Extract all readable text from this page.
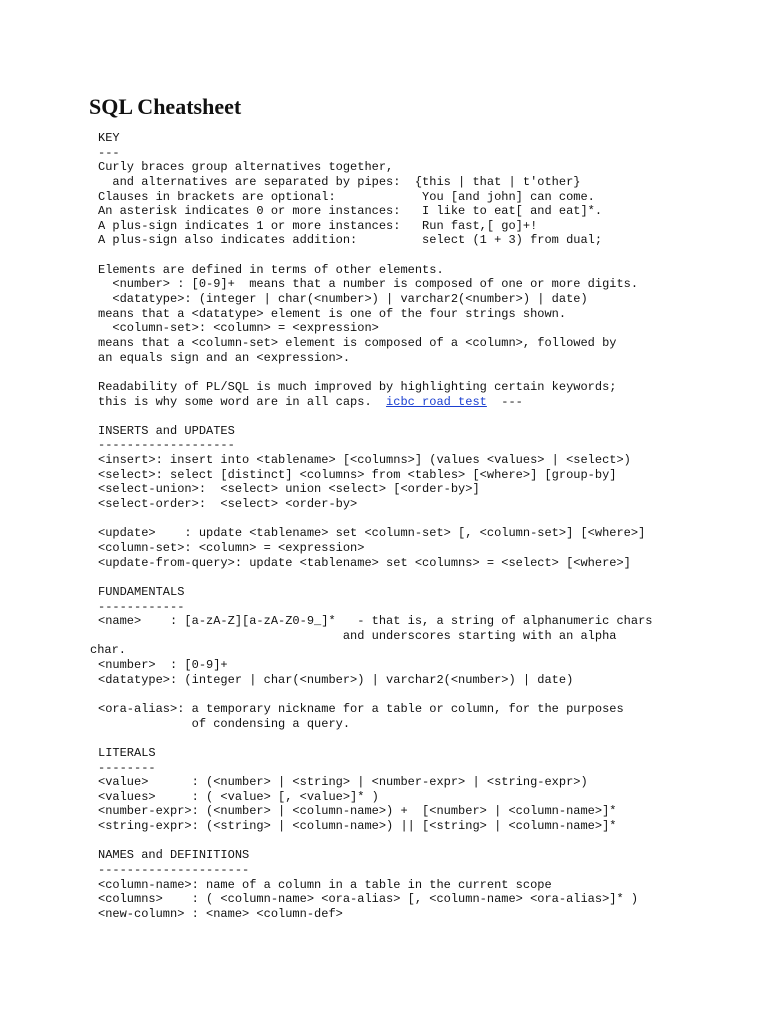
SQL Cheatsheet
KEY
---
Curly braces group alternatives together,
and alternatives are separated by pipes:  {this | that | t'other}
Clauses in brackets are optional:            You [and john] can come.
An asterisk indicates 0 or more instances:   I like to eat[ and eat]*.
A plus-sign indicates 1 or more instances:   Run fast,[ go]+!
A plus-sign also indicates addition:         select (1 + 3) from dual;
Elements are defined in terms of other elements.
<number> : [0-9]+  means that a number is composed of one or more digits.
<datatype>: (integer | char(<number>) | varchar2(<number>) | date)
means that a <datatype> element is one of the four strings shown.
<column-set>: <column> = <expression>
means that a <column-set> element is composed of a <column>, followed by
an equals sign and an <expression>.
Readability of PL/SQL is much improved by highlighting certain keywords;
this is why some word are in all caps.  icbc road test  ---
INSERTS and UPDATES
-------------------
<insert>: insert into <tablename> [<columns>] (values <values> | <select>)
<select>: select [distinct] <columns> from <tables> [<where>] [group-by]
<select-union>:  <select> union <select> [<order-by>]
<select-order>:  <select> <order-by>
<update>    : update <tablename> set <column-set> [, <column-set>] [<where>]
<column-set>: <column> = <expression>
<update-from-query>: update <tablename> set <columns> = <select> [<where>]
FUNDAMENTALS
------------
<name>    : [a-zA-Z][a-zA-Z0-9_]*   - that is, a string of alphanumeric chars
and underscores starting with an alpha
char.
<number>  : [0-9]+
<datatype>: (integer | char(<number>) | varchar2(<number>) | date)
<ora-alias>: a temporary nickname for a table or column, for the purposes
of condensing a query.
LITERALS
--------
<value>      : (<number> | <string> | <number-expr> | <string-expr>)
<values>     : ( <value> [, <value>]* )
<number-expr>: (<number> | <column-name>) +  [<number> | <column-name>]*
<string-expr>: (<string> | <column-name>) || [<string> | <column-name>]*
NAMES and DEFINITIONS
---------------------
<column-name>: name of a column in a table in the current scope
<columns>    : ( <column-name> <ora-alias> [, <column-name> <ora-alias>]* )
<new-column> : <name> <column-def>
